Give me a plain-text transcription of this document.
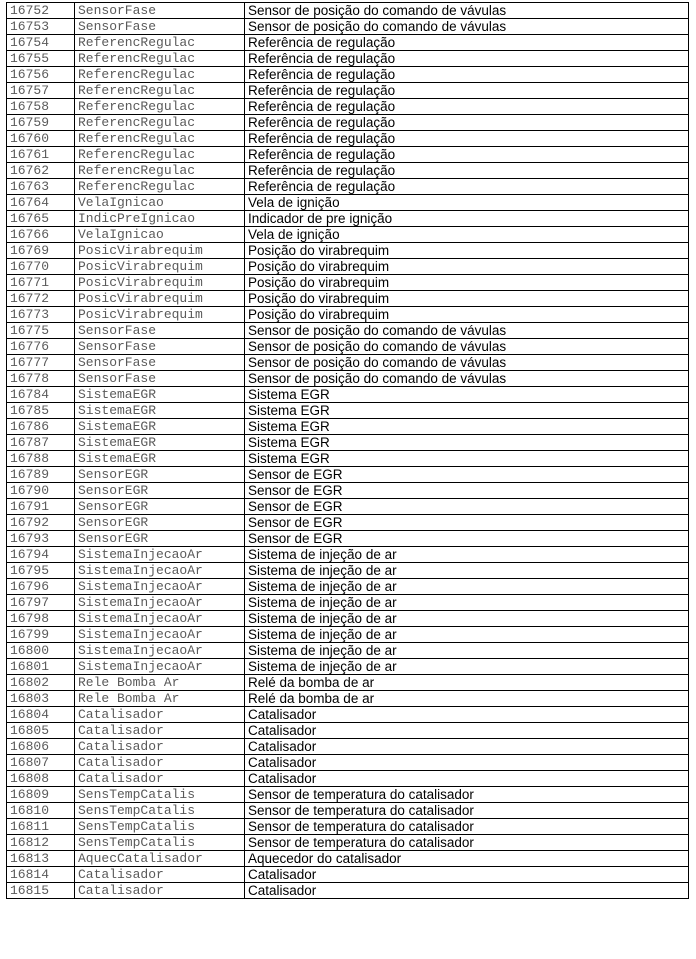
16752	SensorFase	Sensor de posição do comando de vávulas
16753	SensorFase	Sensor de posição do comando de vávulas
16754	ReferencRegulac	Referência de regulação
16755	ReferencRegulac	Referência de regulação
16756	ReferencRegulac	Referência de regulação
16757	ReferencRegulac	Referência de regulação
16758	ReferencRegulac	Referência de regulação
16759	ReferencRegulac	Referência de regulação
16760	ReferencRegulac	Referência de regulação
16761	ReferencRegulac	Referência de regulação
16762	ReferencRegulac	Referência de regulação
16763	ReferencRegulac	Referência de regulação
16764	VelaIgnicao	Vela de ignição
16765	IndicPreIgnicao	Indicador de pre ignição
16766	VelaIgnicao	Vela de ignição
16769	PosicVirabrequim	Posição do virabrequim
16770	PosicVirabrequim	Posição do virabrequim
16771	PosicVirabrequim	Posição do virabrequim
16772	PosicVirabrequim	Posição do virabrequim
16773	PosicVirabrequim	Posição do virabrequim
16775	SensorFase	Sensor de posição do comando de vávulas
16776	SensorFase	Sensor de posição do comando de vávulas
16777	SensorFase	Sensor de posição do comando de vávulas
16778	SensorFase	Sensor de posição do comando de vávulas
16784	SistemaEGR	Sistema EGR
16785	SistemaEGR	Sistema EGR
16786	SistemaEGR	Sistema EGR
16787	SistemaEGR	Sistema EGR
16788	SistemaEGR	Sistema EGR
16789	SensorEGR	Sensor de EGR
16790	SensorEGR	Sensor de EGR
16791	SensorEGR	Sensor de EGR
16792	SensorEGR	Sensor de EGR
16793	SensorEGR	Sensor de EGR
16794	SistemaInjecaoAr	Sistema de injeção de ar
16795	SistemaInjecaoAr	Sistema de injeção de ar
16796	SistemaInjecaoAr	Sistema de injeção de ar
16797	SistemaInjecaoAr	Sistema de injeção de ar
16798	SistemaInjecaoAr	Sistema de injeção de ar
16799	SistemaInjecaoAr	Sistema de injeção de ar
16800	SistemaInjecaoAr	Sistema de injeção de ar
16801	SistemaInjecaoAr	Sistema de injeção de ar
16802	Rele Bomba Ar	Relé da bomba de ar
16803	Rele Bomba Ar	Relé da bomba de ar
16804	Catalisador	Catalisador
16805	Catalisador	Catalisador
16806	Catalisador	Catalisador
16807	Catalisador	Catalisador
16808	Catalisador	Catalisador
16809	SensTempCatalis	Sensor de temperatura do catalisador
16810	SensTempCatalis	Sensor de temperatura do catalisador
16811	SensTempCatalis	Sensor de temperatura do catalisador
16812	SensTempCatalis	Sensor de temperatura do catalisador
16813	AquecCatalisador	Aquecedor do catalisador
16814	Catalisador	Catalisador
16815	Catalisador	Catalisador
